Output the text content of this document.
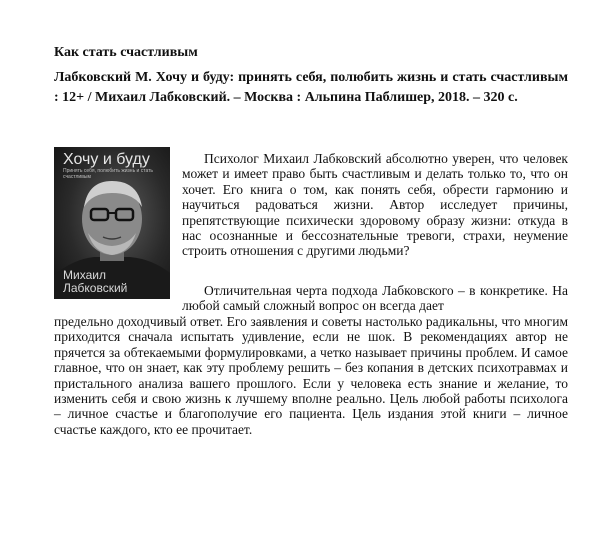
Как стать счастливым
Лабковский М. Хочу и буду: принять себя, полюбить жизнь и стать счастливым : 12+ / Михаил Лабковский. – Москва : Альпина Паблишер, 2018. – 320 с.
Хочу и буду
Принять себя, полюбить жизнь и стать счастливым
Михаил
Лабковский
Психолог Михаил Лабковский абсолютно уверен, что человек может и имеет право быть счастливым и делать только то, что он хочет. Его книга о том, как понять себя, обрести гармонию и научиться радоваться жизни. Автор исследует причины, препятствующие психически здоровому образу жизни: откуда в нас осознанные и бессознательные тревоги, страхи, неумение строить отношения с другими людьми?
Отличительная черта подхода Лабковского – в конкретике. На любой самый сложный вопрос он всегда дает
предельно доходчивый ответ. Его заявления и советы настолько радикальны, что многим приходится сначала испытать удивление, если не шок. В рекомендациях автор не прячется за обтекаемыми формулировками, а четко называет причины проблем. И самое главное, что он знает, как эту проблему решить – без копания в детских психотравмах и пристального анализа вашего прошлого. Если у человека есть знание и желание, то изменить себя и свою жизнь к лучшему вполне реально. Цель любой работы психолога – личное счастье и благополучие его пациента. Цель издания этой книги – личное счастье каждого, кто ее прочитает.
